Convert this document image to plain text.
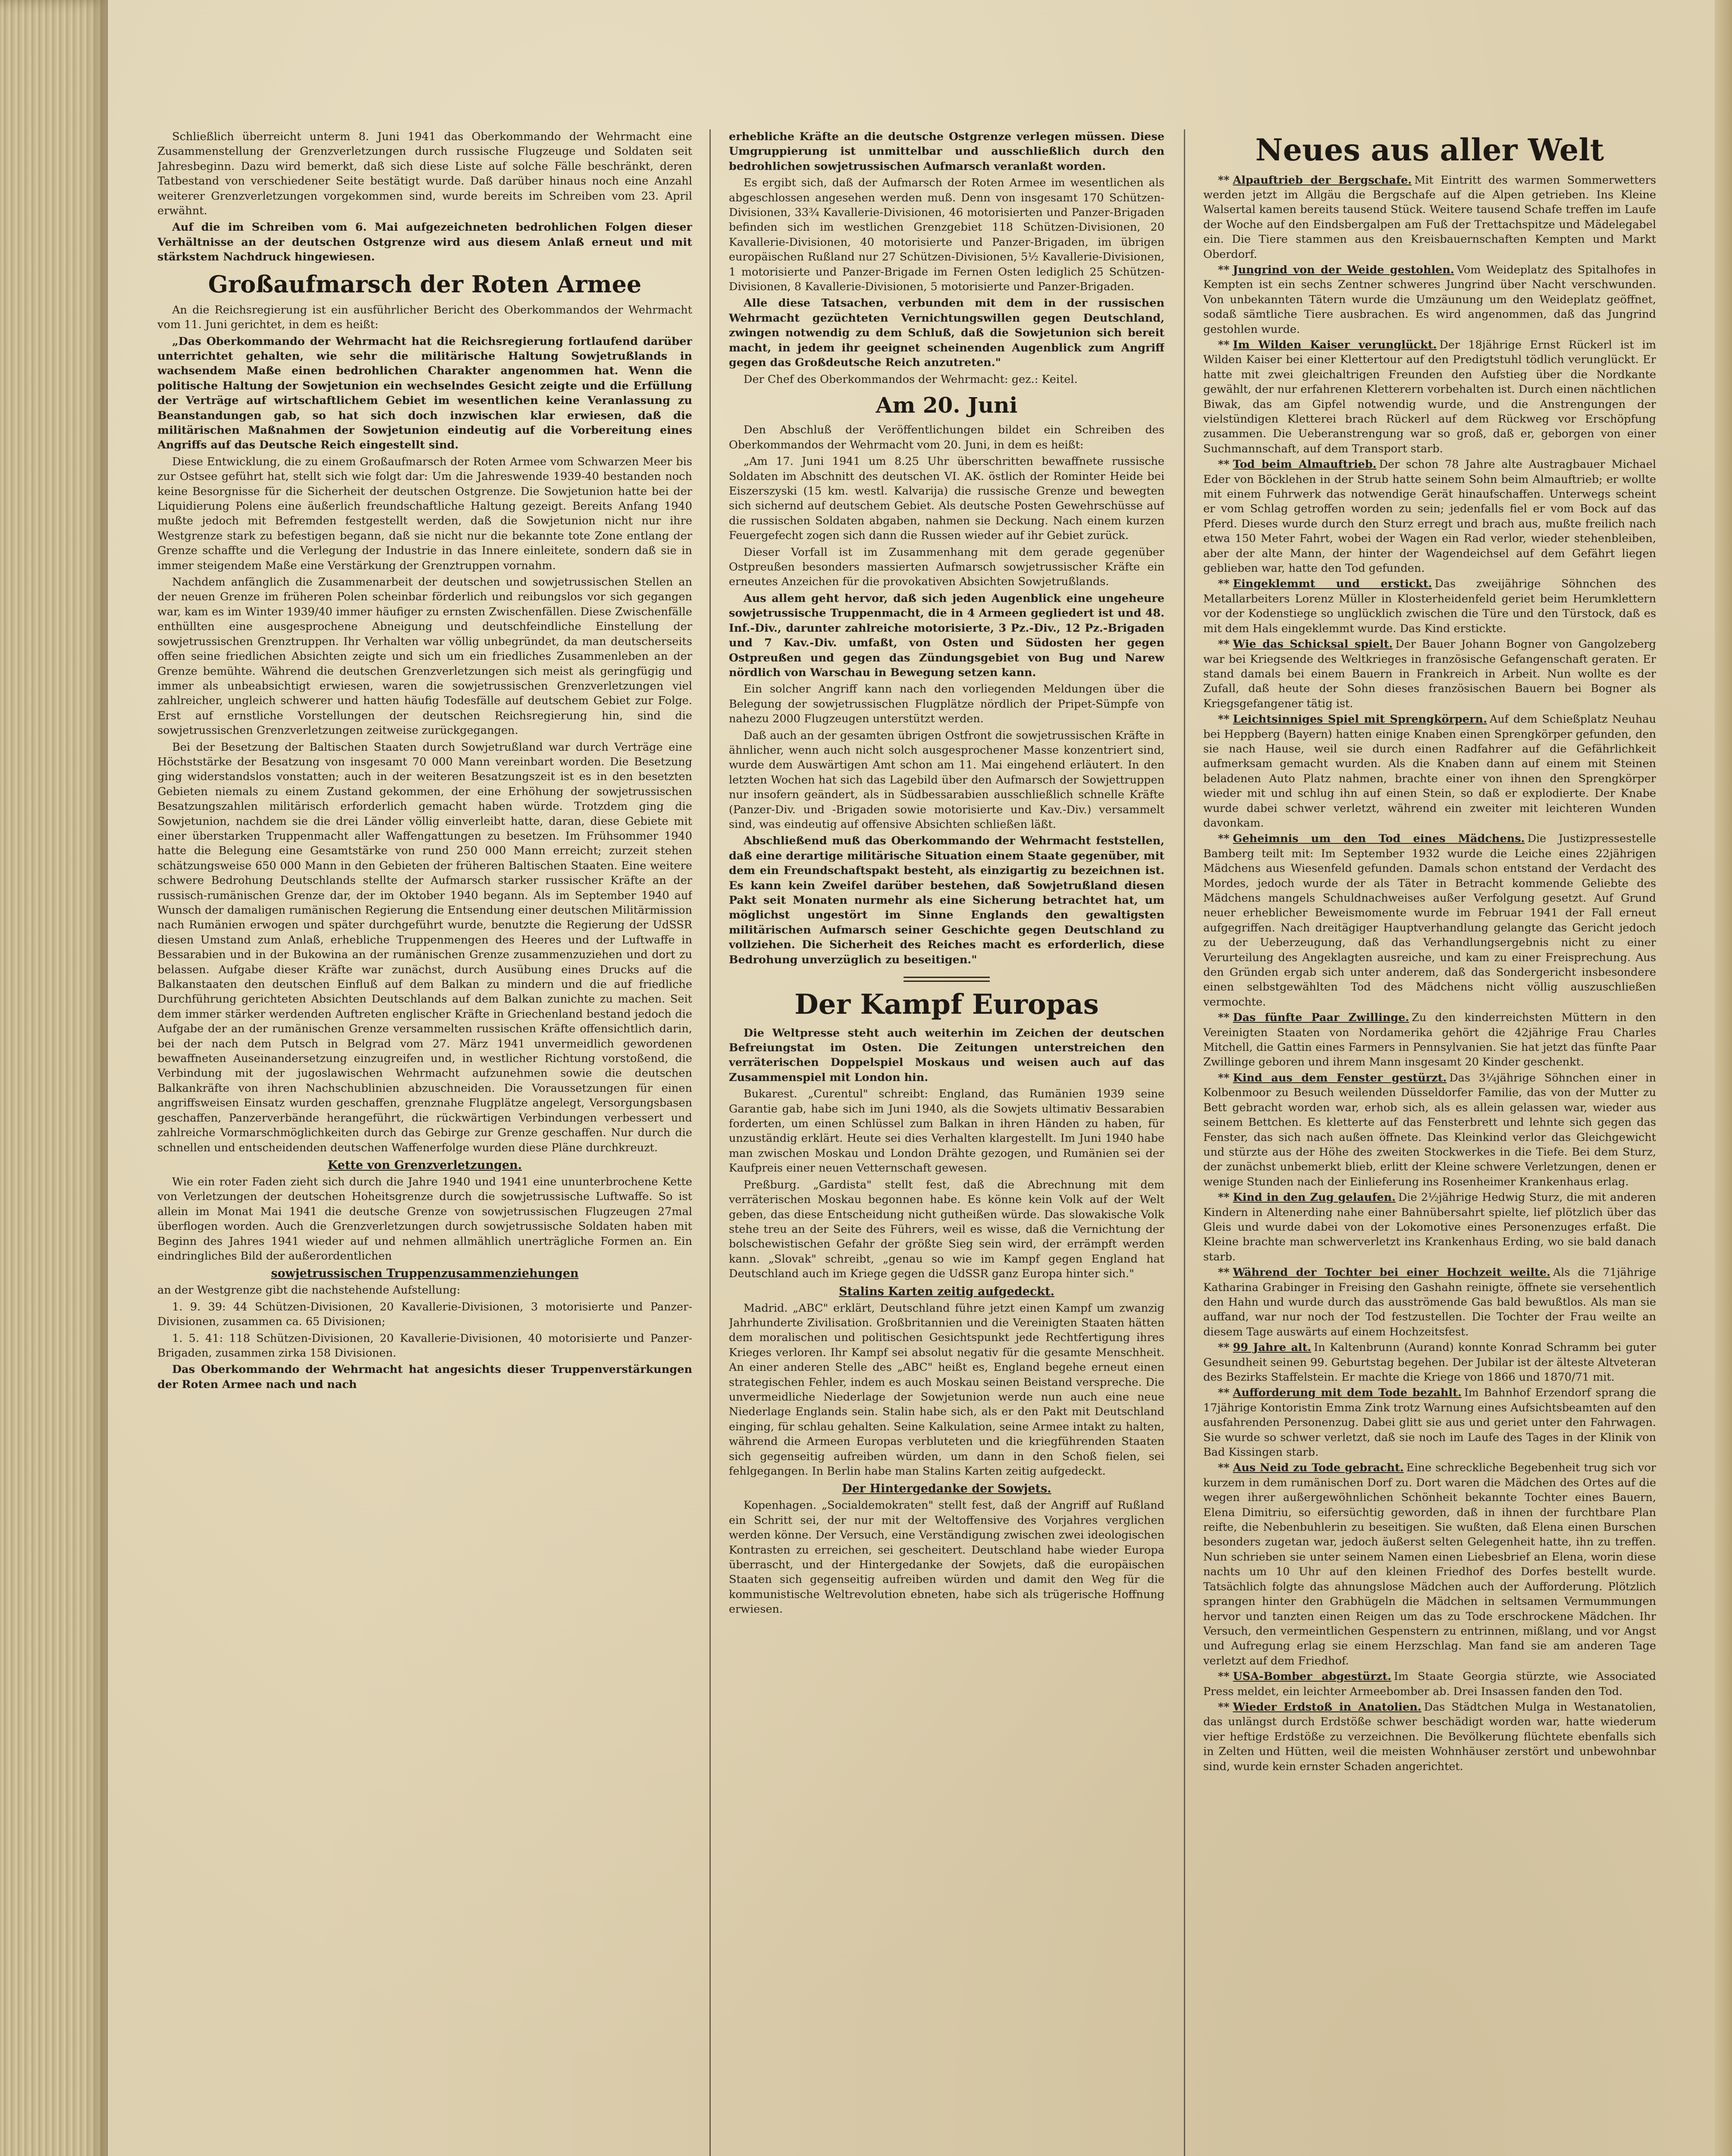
Schließlich überreicht unterm 8. Juni 1941 das Oberkommando der Wehrmacht eine Zusammenstellung der Grenzverletzungen durch russische Flugzeuge und Soldaten seit Jahresbeginn. Dazu wird bemerkt, daß sich diese Liste auf solche Fälle beschränkt, deren Tatbestand von verschiedener Seite bestätigt wurde. Daß darüber hinaus noch eine Anzahl weiterer Grenzverletzungen vorgekommen sind, wurde bereits im Schreiben vom 23. April erwähnt.

Auf die im Schreiben vom 6. Mai aufgezeichneten bedrohlichen Folgen dieser Verhältnisse an der deutschen Ostgrenze wird aus diesem Anlaß erneut und mit stärkstem Nachdruck hingewiesen.

Großaufmarsch der Roten Armee

An die Reichsregierung ist ein ausführlicher Bericht des Oberkommandos der Wehrmacht vom 11. Juni gerichtet, in dem es heißt:

„Das Oberkommando der Wehrmacht hat die Reichsregierung fortlaufend darüber unterrichtet gehalten, wie sehr die militärische Haltung Sowjetrußlands in wachsendem Maße einen bedrohlichen Charakter angenommen hat. Wenn die politische Haltung der Sowjetunion ein wechselndes Gesicht zeigte und die Erfüllung der Verträge auf wirtschaftlichem Gebiet im wesentlichen keine Veranlassung zu Beanstandungen gab, so hat sich doch inzwischen klar erwiesen, daß die militärischen Maßnahmen der Sowjetunion eindeutig auf die Vorbereitung eines Angriffs auf das Deutsche Reich eingestellt sind.

Diese Entwicklung, die zu einem Großaufmarsch der Roten Armee vom Schwarzen Meer bis zur Ostsee geführt hat, stellt sich wie folgt dar: Um die Jahreswende 1939-40 bestanden noch keine Besorgnisse für die Sicherheit der deutschen Ostgrenze. Die Sowjetunion hatte bei der Liquidierung Polens eine äußerlich freundschaftliche Haltung gezeigt. Bereits Anfang 1940 mußte jedoch mit Befremden festgestellt werden, daß die Sowjetunion nicht nur ihre Westgrenze stark zu befestigen begann, daß sie nicht nur die bekannte tote Zone entlang der Grenze schaffte und die Verlegung der Industrie in das Innere einleitete, sondern daß sie in immer steigendem Maße eine Verstärkung der Grenztruppen vornahm.

Nachdem anfänglich die Zusammenarbeit der deutschen und sowjetrussischen Stellen an der neuen Grenze im früheren Polen scheinbar förderlich und reibungslos vor sich gegangen war, kam es im Winter 1939/40 immer häufiger zu ernsten Zwischenfällen. Diese Zwischenfälle enthüllten eine ausgesprochene Abneigung und deutschfeindliche Einstellung der sowjetrussischen Grenztruppen. Ihr Verhalten war völlig unbegründet, da man deutscherseits offen seine friedlichen Absichten zeigte und sich um ein friedliches Zusammenleben an der Grenze bemühte. Während die deutschen Grenzverletzungen sich meist als geringfügig und immer als unbeabsichtigt erwiesen, waren die sowjetrussischen Grenzverletzungen viel zahlreicher, ungleich schwerer und hatten häufig Todesfälle auf deutschem Gebiet zur Folge. Erst auf ernstliche Vorstellungen der deutschen Reichsregierung hin, sind die sowjetrussischen Grenzverletzungen zeitweise zurückgegangen.

Bei der Besetzung der Baltischen Staaten durch Sowjetrußland war durch Verträge eine Höchststärke der Besatzung von insgesamt 70 000 Mann vereinbart worden. Die Besetzung ging widerstandslos vonstatten; auch in der weiteren Besatzungszeit ist es in den besetzten Gebieten niemals zu einem Zustand gekommen, der eine Erhöhung der sowjetrussischen Besatzungszahlen militärisch erforderlich gemacht haben würde. Trotzdem ging die Sowjetunion, nachdem sie die drei Länder völlig einverleibt hatte, daran, diese Gebiete mit einer überstarken Truppenmacht aller Waffengattungen zu besetzen. Im Frühsommer 1940 hatte die Belegung eine Gesamtstärke von rund 250 000 Mann erreicht; zurzeit stehen schätzungsweise 650 000 Mann in den Gebieten der früheren Baltischen Staaten. Eine weitere schwere Bedrohung Deutschlands stellte der Aufmarsch starker russischer Kräfte an der russisch-rumänischen Grenze dar, der im Oktober 1940 begann. Als im September 1940 auf Wunsch der damaligen rumänischen Regierung die Entsendung einer deutschen Militärmission nach Rumänien erwogen und später durchgeführt wurde, benutzte die Regierung der UdSSR diesen Umstand zum Anlaß, erhebliche Truppenmengen des Heeres und der Luftwaffe in Bessarabien und in der Bukowina an der rumänischen Grenze zusammenzuziehen und dort zu belassen. Aufgabe dieser Kräfte war zunächst, durch Ausübung eines Drucks auf die Balkanstaaten den deutschen Einfluß auf dem Balkan zu mindern und die auf friedliche Durchführung gerichteten Absichten Deutschlands auf dem Balkan zunichte zu machen. Seit dem immer stärker werdenden Auftreten englischer Kräfte in Griechenland bestand jedoch die Aufgabe der an der rumänischen Grenze versammelten russischen Kräfte offensichtlich darin, bei der nach dem Putsch in Belgrad vom 27. März 1941 unvermeidlich gewordenen bewaffneten Auseinandersetzung einzugreifen und, in westlicher Richtung vorstoßend, die Verbindung mit der jugoslawischen Wehrmacht aufzunehmen sowie die deutschen Balkankräfte von ihren Nachschublinien abzuschneiden. Die Voraussetzungen für einen angriffsweisen Einsatz wurden geschaffen, grenznahe Flugplätze angelegt, Versorgungsbasen geschaffen, Panzerverbände herangeführt, die rückwärtigen Verbindungen verbessert und zahlreiche Vormarschmöglichkeiten durch das Gebirge zur Grenze geschaffen. Nur durch die schnellen und entscheidenden deutschen Waffenerfolge wurden diese Pläne durchkreuzt.

Kette von Grenzverletzungen.

Wie ein roter Faden zieht sich durch die Jahre 1940 und 1941 eine ununterbrochene Kette von Verletzungen der deutschen Hoheitsgrenze durch die sowjetrussische Luftwaffe. So ist allein im Monat Mai 1941 die deutsche Grenze von sowjetrussischen Flugzeugen 27mal überflogen worden. Auch die Grenzverletzungen durch sowjetrussische Soldaten haben mit Beginn des Jahres 1941 wieder auf und nehmen allmählich unerträgliche Formen an. Ein eindringliches Bild der außerordentlichen

sowjetrussischen Truppenzusammenziehungen

an der Westgrenze gibt die nachstehende Aufstellung:

1. 9. 39: 44 Schützen-Divisionen, 20 Kavallerie-Divisionen, 3 motorisierte und Panzer-Divisionen, zusammen ca. 65 Divisionen;

1. 5. 41: 118 Schützen-Divisionen, 20 Kavallerie-Divisionen, 40 motorisierte und Panzer-Brigaden, zusammen zirka 158 Divisionen.

Das Oberkommando der Wehrmacht hat angesichts dieser Truppenverstärkungen der Roten Armee nach und nach

erhebliche Kräfte an die deutsche Ostgrenze verlegen müssen. Diese Umgruppierung ist unmittelbar und ausschließlich durch den bedrohlichen sowjetrussischen Aufmarsch veranlaßt worden.

Es ergibt sich, daß der Aufmarsch der Roten Armee im wesentlichen als abgeschlossen angesehen werden muß. Denn von insgesamt 170 Schützen-Divisionen, 33¾ Kavallerie-Divisionen, 46 motorisierten und Panzer-Brigaden befinden sich im westlichen Grenzgebiet 118 Schützen-Divisionen, 20 Kavallerie-Divisionen, 40 motorisierte und Panzer-Brigaden, im übrigen europäischen Rußland nur 27 Schützen-Divisionen, 5½ Kavallerie-Divisionen, 1 motorisierte und Panzer-Brigade im Fernen Osten lediglich 25 Schützen-Divisionen, 8 Kavallerie-Divisionen, 5 motorisierte und Panzer-Brigaden.

Alle diese Tatsachen, verbunden mit dem in der russischen Wehrmacht gezüchteten Vernichtungswillen gegen Deutschland, zwingen notwendig zu dem Schluß, daß die Sowjetunion sich bereit macht, in jedem ihr geeignet scheinenden Augenblick zum Angriff gegen das Großdeutsche Reich anzutreten."

Der Chef des Oberkommandos der Wehrmacht: gez.: Keitel.

Am 20. Juni

Den Abschluß der Veröffentlichungen bildet ein Schreiben des Oberkommandos der Wehrmacht vom 20. Juni, in dem es heißt:

„Am 17. Juni 1941 um 8.25 Uhr überschritten bewaffnete russische Soldaten im Abschnitt des deutschen VI. AK. östlich der Rominter Heide bei Eiszerszyski (15 km. westl. Kalvarija) die russische Grenze und bewegten sich sichernd auf deutschem Gebiet. Als deutsche Posten Gewehrschüsse auf die russischen Soldaten abgaben, nahmen sie Deckung. Nach einem kurzen Feuergefecht zogen sich dann die Russen wieder auf ihr Gebiet zurück.

Dieser Vorfall ist im Zusammenhang mit dem gerade gegenüber Ostpreußen besonders massierten Aufmarsch sowjetrussischer Kräfte ein erneutes Anzeichen für die provokativen Absichten Sowjetrußlands.

Aus allem geht hervor, daß sich jeden Augenblick eine ungeheure sowjetrussische Truppenmacht, die in 4 Armeen gegliedert ist und 48. Inf.-Div., darunter zahlreiche motorisierte, 3 Pz.-Div., 12 Pz.-Brigaden und 7 Kav.-Div. umfaßt, von Osten und Südosten her gegen Ostpreußen und gegen das Zündungsgebiet von Bug und Narew nördlich von Warschau in Bewegung setzen kann.

Ein solcher Angriff kann nach den vorliegenden Meldungen über die Belegung der sowjetrussischen Flugplätze nördlich der Pripet-Sümpfe von nahezu 2000 Flugzeugen unterstützt werden.

Daß auch an der gesamten übrigen Ostfront die sowjetrussischen Kräfte in ähnlicher, wenn auch nicht solch ausgesprochener Masse konzentriert sind, wurde dem Auswärtigen Amt schon am 11. Mai eingehend erläutert. In den letzten Wochen hat sich das Lagebild über den Aufmarsch der Sowjettruppen nur insofern geändert, als in Südbessarabien ausschließlich schnelle Kräfte (Panzer-Div. und -Brigaden sowie motorisierte und Kav.-Div.) versammelt sind, was eindeutig auf offensive Absichten schließen läßt.

Abschließend muß das Oberkommando der Wehrmacht feststellen, daß eine derartige militärische Situation einem Staate gegenüber, mit dem ein Freundschaftspakt besteht, als einzigartig zu bezeichnen ist. Es kann kein Zweifel darüber bestehen, daß Sowjetrußland diesen Pakt seit Monaten nurmehr als eine Sicherung betrachtet hat, um möglichst ungestört im Sinne Englands den gewaltigsten militärischen Aufmarsch seiner Geschichte gegen Deutschland zu vollziehen. Die Sicherheit des Reiches macht es erforderlich, diese Bedrohung unverzüglich zu beseitigen."

Der Kampf Europas

Die Weltpresse steht auch weiterhin im Zeichen der deutschen Befreiungstat im Osten. Die Zeitungen unterstreichen den verräterischen Doppelspiel Moskaus und weisen auch auf das Zusammenspiel mit London hin.

Bukarest. „Curentul" schreibt: England, das Rumänien 1939 seine Garantie gab, habe sich im Juni 1940, als die Sowjets ultimativ Bessarabien forderten, um einen Schlüssel zum Balkan in ihren Händen zu haben, für unzuständig erklärt. Heute sei dies Verhalten klargestellt. Im Juni 1940 habe man zwischen Moskau und London Drähte gezogen, und Rumänien sei der Kaufpreis einer neuen Vetternschaft gewesen.

Preßburg. „Gardista" stellt fest, daß die Abrechnung mit dem verräterischen Moskau begonnen habe. Es könne kein Volk auf der Welt geben, das diese Entscheidung nicht gutheißen würde. Das slowakische Volk stehe treu an der Seite des Führers, weil es wisse, daß die Vernichtung der bolschewistischen Gefahr der größte Sieg sein wird, der errämpft werden kann. „Slovak" schreibt, „genau so wie im Kampf gegen England hat Deutschland auch im Kriege gegen die UdSSR ganz Europa hinter sich."

Stalins Karten zeitig aufgedeckt.

Madrid. „ABC" erklärt, Deutschland führe jetzt einen Kampf um zwanzig Jahrhunderte Zivilisation. Großbritannien und die Vereinigten Staaten hätten dem moralischen und politischen Gesichtspunkt jede Rechtfertigung ihres Krieges verloren. Ihr Kampf sei absolut negativ für die gesamte Menschheit. An einer anderen Stelle des „ABC" heißt es, England begehe erneut einen strategischen Fehler, indem es auch Moskau seinen Beistand verspreche. Die unvermeidliche Niederlage der Sowjetunion werde nun auch eine neue Niederlage Englands sein. Stalin habe sich, als er den Pakt mit Deutschland einging, für schlau gehalten. Seine Kalkulation, seine Armee intakt zu halten, während die Armeen Europas verbluteten und die kriegführenden Staaten sich gegenseitig aufreiben würden, um dann in den Schoß fielen, sei fehlgegangen. In Berlin habe man Stalins Karten zeitig aufgedeckt.

Der Hintergedanke der Sowjets.

Kopenhagen. „Socialdemokraten" stellt fest, daß der Angriff auf Rußland ein Schritt sei, der nur mit der Weltoffensive des Vorjahres verglichen werden könne. Der Versuch, eine Verständigung zwischen zwei ideologischen Kontrasten zu erreichen, sei gescheitert. Deutschland habe wieder Europa überrascht, und der Hintergedanke der Sowjets, daß die europäischen Staaten sich gegenseitig aufreiben würden und damit den Weg für die kommunistische Weltrevolution ebneten, habe sich als trügerische Hoffnung erwiesen.

Neues aus aller Welt

** Alpauftrieb der Bergschafe. Mit Eintritt des warmen Sommerwetters werden jetzt im Allgäu die Bergschafe auf die Alpen getrieben. Ins Kleine Walsertal kamen bereits tausend Stück. Weitere tausend Schafe treffen im Laufe der Woche auf den Eindsbergalpen am Fuß der Trettachspitze und Mädelegabel ein. Die Tiere stammen aus den Kreisbauernschaften Kempten und Markt Oberdorf.

** Jungrind von der Weide gestohlen. Vom Weideplatz des Spitalhofes in Kempten ist ein sechs Zentner schweres Jungrind über Nacht verschwunden. Von unbekannten Tätern wurde die Umzäunung um den Weideplatz geöffnet, sodaß sämtliche Tiere ausbrachen. Es wird angenommen, daß das Jungrind gestohlen wurde.

** Im Wilden Kaiser verunglückt. Der 18jährige Ernst Rückerl ist im Wilden Kaiser bei einer Klettertour auf den Predigtstuhl tödlich verunglückt. Er hatte mit zwei gleichaltrigen Freunden den Aufstieg über die Nordkante gewählt, der nur erfahrenen Kletterern vorbehalten ist. Durch einen nächtlichen Biwak, das am Gipfel notwendig wurde, und die Anstrengungen der vielstündigen Kletterei brach Rückerl auf dem Rückweg vor Erschöpfung zusammen. Die Ueberanstrengung war so groß, daß er, geborgen von einer Suchmannschaft, auf dem Transport starb.

** Tod beim Almauftrieb. Der schon 78 Jahre alte Austragbauer Michael Eder von Böcklehen in der Strub hatte seinem Sohn beim Almauftrieb; er wollte mit einem Fuhrwerk das notwendige Gerät hinaufschaffen. Unterwegs scheint er vom Schlag getroffen worden zu sein; jedenfalls fiel er vom Bock auf das Pferd. Dieses wurde durch den Sturz erregt und brach aus, mußte freilich nach etwa 150 Meter Fahrt, wobei der Wagen ein Rad verlor, wieder stehenbleiben, aber der alte Mann, der hinter der Wagendeichsel auf dem Gefährt liegen geblieben war, hatte den Tod gefunden.

** Eingeklemmt und erstickt. Das zweijährige Söhnchen des Metallarbeiters Lorenz Müller in Klosterheidenfeld geriet beim Herumklettern vor der Kodenstiege so unglücklich zwischen die Türe und den Türstock, daß es mit dem Hals eingeklemmt wurde. Das Kind erstickte.

** Wie das Schicksal spielt. Der Bauer Johann Bogner von Gangolzeberg war bei Kriegsende des Weltkrieges in französische Gefangenschaft geraten. Er stand damals bei einem Bauern in Frankreich in Arbeit. Nun wollte es der Zufall, daß heute der Sohn dieses französischen Bauern bei Bogner als Kriegsgefangener tätig ist.

** Leichtsinniges Spiel mit Sprengkörpern. Auf dem Schießplatz Neuhau bei Heppberg (Bayern) hatten einige Knaben einen Sprengkörper gefunden, den sie nach Hause, weil sie durch einen Radfahrer auf die Gefährlichkeit aufmerksam gemacht wurden. Als die Knaben dann auf einem mit Steinen beladenen Auto Platz nahmen, brachte einer von ihnen den Sprengkörper wieder mit und schlug ihn auf einen Stein, so daß er explodierte. Der Knabe wurde dabei schwer verletzt, während ein zweiter mit leichteren Wunden davonkam.

** Geheimnis um den Tod eines Mädchens. Die Justizpressestelle Bamberg teilt mit: Im September 1932 wurde die Leiche eines 22jährigen Mädchens aus Wiesenfeld gefunden. Damals schon entstand der Verdacht des Mordes, jedoch wurde der als Täter in Betracht kommende Geliebte des Mädchens mangels Schuldnachweises außer Verfolgung gesetzt. Auf Grund neuer erheblicher Beweismomente wurde im Februar 1941 der Fall erneut aufgegriffen. Nach dreitägiger Hauptverhandlung gelangte das Gericht jedoch zu der Ueberzeugung, daß das Verhandlungsergebnis nicht zu einer Verurteilung des Angeklagten ausreiche, und kam zu einer Freisprechung. Aus den Gründen ergab sich unter anderem, daß das Sondergericht insbesondere einen selbstgewählten Tod des Mädchens nicht völlig auszuschließen vermochte.

** Das fünfte Paar Zwillinge. Zu den kinderreichsten Müttern in den Vereinigten Staaten von Nordamerika gehört die 42jährige Frau Charles Mitchell, die Gattin eines Farmers in Pennsylvanien. Sie hat jetzt das fünfte Paar Zwillinge geboren und ihrem Mann insgesamt 20 Kinder geschenkt.

** Kind aus dem Fenster gestürzt. Das 3¼jährige Söhnchen einer in Kolbenmoor zu Besuch weilenden Düsseldorfer Familie, das von der Mutter zu Bett gebracht worden war, erhob sich, als es allein gelassen war, wieder aus seinem Bettchen. Es kletterte auf das Fensterbrett und lehnte sich gegen das Fenster, das sich nach außen öffnete. Das Kleinkind verlor das Gleichgewicht und stürzte aus der Höhe des zweiten Stockwerkes in die Tiefe. Bei dem Sturz, der zunächst unbemerkt blieb, erlitt der Kleine schwere Verletzungen, denen er wenige Stunden nach der Einlieferung ins Rosenheimer Krankenhaus erlag.

** Kind in den Zug gelaufen. Die 2½jährige Hedwig Sturz, die mit anderen Kindern in Altenerding nahe einer Bahnübersahrt spielte, lief plötzlich über das Gleis und wurde dabei von der Lokomotive eines Personenzuges erfaßt. Die Kleine brachte man schwerverletzt ins Krankenhaus Erding, wo sie bald danach starb.

** Während der Tochter bei einer Hochzeit weilte. Als die 71jährige Katharina Grabinger in Freising den Gashahn reinigte, öffnete sie versehentlich den Hahn und wurde durch das ausströmende Gas bald bewußtlos. Als man sie auffand, war nur noch der Tod festzustellen. Die Tochter der Frau weilte an diesem Tage auswärts auf einem Hochzeitsfest.

** 99 Jahre alt. In Kaltenbrunn (Aurand) konnte Konrad Schramm bei guter Gesundheit seinen 99. Geburtstag begehen. Der Jubilar ist der älteste Altveteran des Bezirks Staffelstein. Er machte die Kriege von 1866 und 1870/71 mit.

** Aufforderung mit dem Tode bezahlt. Im Bahnhof Erzendorf sprang die 17jährige Kontoristin Emma Zink trotz Warnung eines Aufsichtsbeamten auf den ausfahrenden Personenzug. Dabei glitt sie aus und geriet unter den Fahrwagen. Sie wurde so schwer verletzt, daß sie noch im Laufe des Tages in der Klinik von Bad Kissingen starb.

** Aus Neid zu Tode gebracht. Eine schreckliche Begebenheit trug sich vor kurzem in dem rumänischen Dorf zu. Dort waren die Mädchen des Ortes auf die wegen ihrer außergewöhnlichen Schönheit bekannte Tochter eines Bauern, Elena Dimitriu, so eifersüchtig geworden, daß in ihnen der furchtbare Plan reifte, die Nebenbuhlerin zu beseitigen. Sie wußten, daß Elena einen Burschen besonders zugetan war, jedoch äußerst selten Gelegenheit hatte, ihn zu treffen. Nun schrieben sie unter seinem Namen einen Liebesbrief an Elena, worin diese nachts um 10 Uhr auf den kleinen Friedhof des Dorfes bestellt wurde. Tatsächlich folgte das ahnungslose Mädchen auch der Aufforderung. Plötzlich sprangen hinter den Grabhügeln die Mädchen in seltsamen Vermummungen hervor und tanzten einen Reigen um das zu Tode erschrockene Mädchen. Ihr Versuch, den vermeintlichen Gespenstern zu entrinnen, mißlang, und vor Angst und Aufregung erlag sie einem Herzschlag. Man fand sie am anderen Tage verletzt auf dem Friedhof.

** USA-Bomber abgestürzt. Im Staate Georgia stürzte, wie Associated Press meldet, ein leichter Armeebomber ab. Drei Insassen fanden den Tod.

** Wieder Erdstoß in Anatolien. Das Städtchen Mulga in Westanatolien, das unlängst durch Erdstöße schwer beschädigt worden war, hatte wiederum vier heftige Erdstöße zu verzeichnen. Die Bevölkerung flüchtete ebenfalls sich in Zelten und Hütten, weil die meisten Wohnhäuser zerstört und unbewohnbar sind, wurde kein ernster Schaden angerichtet.
